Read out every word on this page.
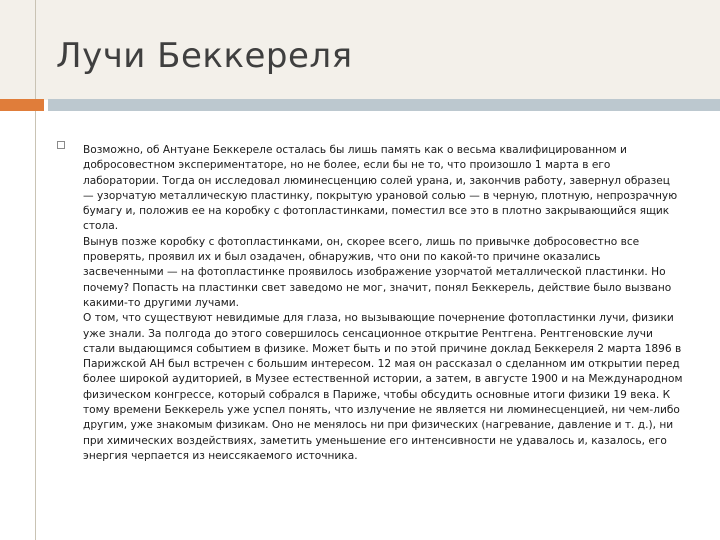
Лучи Беккереля

Возможно, об Антуане Беккереле осталась бы лишь память как о весьма квалифицированном и добросовестном экспериментаторе, но не более, если бы не то, что произошло 1 марта в его лаборатории. Тогда он исследовал люминесценцию солей урана, и, закончив работу, завернул образец — узорчатую металлическую пластинку, покрытую урановой солью — в черную, плотную, непрозрачную бумагу и, положив ее на коробку с фотопластинками, поместил все это в плотно закрывающийся ящик стола.

Вынув позже коробку с фотопластинками, он, скорее всего, лишь по привычке добросовестно все проверять, проявил их и был озадачен, обнаружив, что они по какой-то причине оказались засвеченными — на фотопластинке проявилось изображение узорчатой металлической пластинки. Но почему? Попасть на пластинки свет заведомо не мог, значит, понял Беккерель, действие было вызвано какими-то другими лучами.

О том, что существуют невидимые для глаза, но вызывающие почернение фотопластинки лучи, физики уже знали. За полгода до этого совершилось сенсационное открытие Рентгена. Рентгеновские лучи стали выдающимся событием в физике. Может быть и по этой причине доклад Беккереля 2 марта 1896 в Парижской АН был встречен с большим интересом. 12 мая он рассказал о сделанном им открытии перед более широкой аудиторией, в Музее естественной истории, а затем, в августе 1900 и на Международном физическом конгрессе, который собрался в Париже, чтобы обсудить основные итоги физики 19 века. К тому времени Беккерель уже успел понять, что излучение не является ни люминесценцией, ни чем-либо другим, уже знакомым физикам. Оно не менялось ни при физических (нагревание, давление и т. д.), ни при химических воздействиях, заметить уменьшение его интенсивности не удавалось и, казалось, его энергия черпается из неиссякаемого источника.
